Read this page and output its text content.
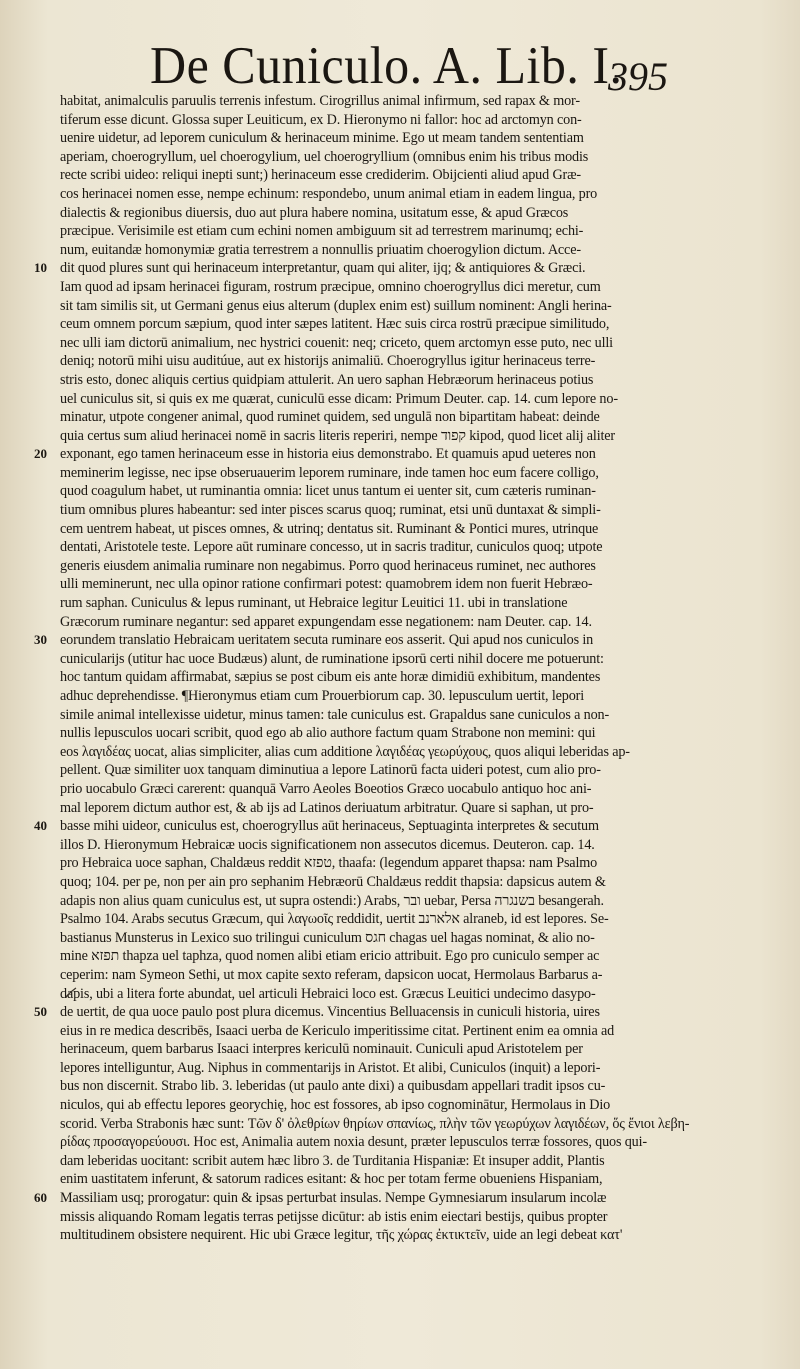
De Cuniculo. A. Lib. I.
395
habitat, animalculis paruulis terrenis infestum. Cirogrillus animal infirmum, sed rapax & mor-
tiferum esse dicunt. Glossa super Leuiticum, ex D. Hieronymo ni fallor: hoc ad arctomyn con-
uenire uidetur, ad leporem cuniculum & herinaceum minime. Ego ut meam tandem sententiam
aperiam, choerogryllum, uel choerogylium, uel choerogryllium (omnibus enim his tribus modis
recte scribi uideo: reliqui inepti sunt;) herinaceum esse crediderim. Obijcienti aliud apud Græ-
cos herinacei nomen esse, nempe echinum: respondebo, unum animal etiam in eadem lingua, pro
dialectis & regionibus diuersis, duo aut plura habere nomina, usitatum esse, & apud Græcos
præcipue. Verisimile est etiam cum echini nomen ambiguum sit ad terrestrem marinumq; echi-
num, euitandæ homonymiæ gratia terrestrem a nonnullis priuatim choerogylion dictum. Acce-
10 dit quod plures sunt qui herinaceum interpretantur, quam qui aliter, ijq; & antiquiores & Græci.
Iam quod ad ipsam herinacei figuram, rostrum præcipue, omnino choerogryllus dici meretur, cum
sit tam similis sit, ut Germani genus eius alterum (duplex enim est) suillum nominent: Angli herina-
ceum omnem porcum sæpium, quod inter sæpes latitent. Hæc suis circa rostrū præcipue similitudo,
nec ulli iam dictorū animalium, nec hystrici couenit: neq; criceto, quem arctomyn esse puto, nec ulli
deniq; notorū mihi uisu auditúue, aut ex historijs animaliū. Choerogryllus igitur herinaceus terre-
stris esto, donec aliquis certius quidpiam attulerit. An uero saphan Hebræorum herinaceus potius
uel cuniculus sit, si quis ex me quærat, cuniculū esse dicam: Primum Deuter. cap. 14. cum lepore no-
minatur, utpote congener animal, quod ruminet quidem, sed ungulā non bipartitam habeat: deinde
quia certus sum aliud herinacei nomē in sacris literis reperiri, nempe קפוד kipod, quod licet alij aliter
20 exponant, ego tamen herinaceum esse in historia eius demonstrabo. Et quamuis apud ueteres non
meminerim legisse, nec ipse obseruauerim leporem ruminare, inde tamen hoc eum facere colligo,
quod coagulum habet, ut ruminantia omnia: licet unus tantum ei uenter sit, cum cæteris ruminan-
tium omnibus plures habeantur: sed inter pisces scarus quoq; ruminat, etsi unū duntaxat & simpli-
cem uentrem habeat, ut pisces omnes, & utrinq; dentatus sit. Ruminant & Pontici mures, utrinque
dentati, Aristotele teste. Lepore aūt ruminare concesso, ut in sacris traditur, cuniculos quoq; utpote
generis eiusdem animalia ruminare non negabimus. Porro quod herinaceus ruminet, nec authores
ulli meminerunt, nec ulla opinor ratione confirmari potest: quamobrem idem non fuerit Hebræo-
rum saphan. Cuniculus & lepus ruminant, ut Hebraice legitur Leuitici 11. ubi in translatione
Græcorum ruminare negantur: sed apparet expungendam esse negationem: nam Deuter. cap. 14.
30 eorundem translatio Hebraicam ueritatem secuta ruminare eos asserit. Qui apud nos cuniculos in
cunicularijs (utitur hac uoce Budæus) alunt, de ruminatione ipsorū certi nihil docere me potuerunt:
hoc tantum quidam affirmabat, sæpius se post cibum eis ante horæ dimidiū exhibitum, mandentes
adhuc deprehendisse. ¶Hieronymus etiam cum Prouerbiorum cap. 30. lepusculum uertit, lepori
simile animal intellexisse uidetur, minus tamen: tale cuniculus est. Grapaldus sane cuniculos a non-
nullis lepusculos uocari scribit, quod ego ab alio authore factum quam Strabone non memini: qui
eos λαγιδέας uocat, alias simpliciter, alias cum additione λαγιδέας γεωρύχους, quos aliqui leberidas ap-
pellent. Quæ similiter uox tanquam diminutiua a lepore Latinorū facta uideri potest, cum alio pro-
prio uocabulo Græci carerent: quanquā Varro Aeoles Boeotios Græco uocabulo antiquo hoc ani-
mal leporem dictum author est, & ab ijs ad Latinos deriuatum arbitratur. Quare si saphan, ut pro-
40 basse mihi uideor, cuniculus est, choerogryllus aūt herinaceus, Septuaginta interpretes & secutum
illos D. Hieronymum Hebraicæ uocis significationem non assecutos dicemus. Deuteron. cap. 14.
pro Hebraica uoce saphan, Chaldæus reddit טפזא, thaafa: (legendum apparet thapsa: nam Psalmo
quoq; 104. per pe, non per ain pro sephanim Hebræorū Chaldæus reddit thapsia: dapsicus autem &
adapis non alius quam cuniculus est, ut supra ostendi:) Arabs, ובר uebar, Persa בשנגרה besangerah.
Psalmo 104. Arabs secutus Græcum, qui λαγωοῖς reddidit, uertit אלארנב alraneb, id est lepores. Se-
bastianus Munsterus in Lexico suo trilingui cuniculum חגס chagas uel hagas nominat, & alio no-
mine תפזא thapza uel taphza, quod nomen alibi etiam ericio attribuit. Ego pro cuniculo semper ac
ceperim: nam Symeon Sethi, ut mox capite sexto referam, dapsicon uocat, Hermolaus Barbarus a-
dapis, ubi a litera forte abundat, uel articuli Hebraici loco est. Græcus Leuitici undecimo dasypo-
50 de uertit, de qua uoce paulo post plura dicemus. Vincentius Belluacensis in cuniculi historia, uires
eius in re medica describēs, Isaaci uerba de Kericulo imperitissime citat. Pertinent enim ea omnia ad
herinaceum, quem barbarus Isaaci interpres kericulū nominauit. Cuniculi apud Aristotelem per
lepores intelliguntur, Aug. Niphus in commentarijs in Aristot. Et alibi, Cuniculos (inquit) a lepori-
bus non discernit. Strabo lib. 3. leberidas (ut paulo ante dixi) a quibusdam appellari tradit ipsos cu-
niculos, qui ab effectu lepores georychię, hoc est fossores, ab ipso cognominātur, Hermolaus in Dio
scorid. Verba Strabonis hæc sunt: Τῶν δ' ὀλεθρίων θηρίων σπανίως, πλὴν τῶν γεωρύχων λαγιδέων, ὅς ἔνιοι λεβη-
ρίδας προσαγορεύουσι. Hoc est, Animalia autem noxia desunt, præter lepusculos terræ fossores, quos qui-
dam leberidas uocitant: scribit autem hæc libro 3. de Turditania Hispaniæ: Et insuper addit, Plantis
enim uastitatem inferunt, & satorum radices esitant: & hoc per totam ferme obueniens Hispaniam,
60 Massiliam usq; prorogatur: quin & ipsas perturbat insulas. Nempe Gymnesiarum insularum incolæ
missis aliquando Romam legatis terras petijsse dicūtur: ab istis enim eiectari bestijs, quibus propter
multitudinem obsistere nequirent. Hic ubi Græce legitur, τῆς χώρας ἐκτικτεῖν, uide an legi debeat κατ'
